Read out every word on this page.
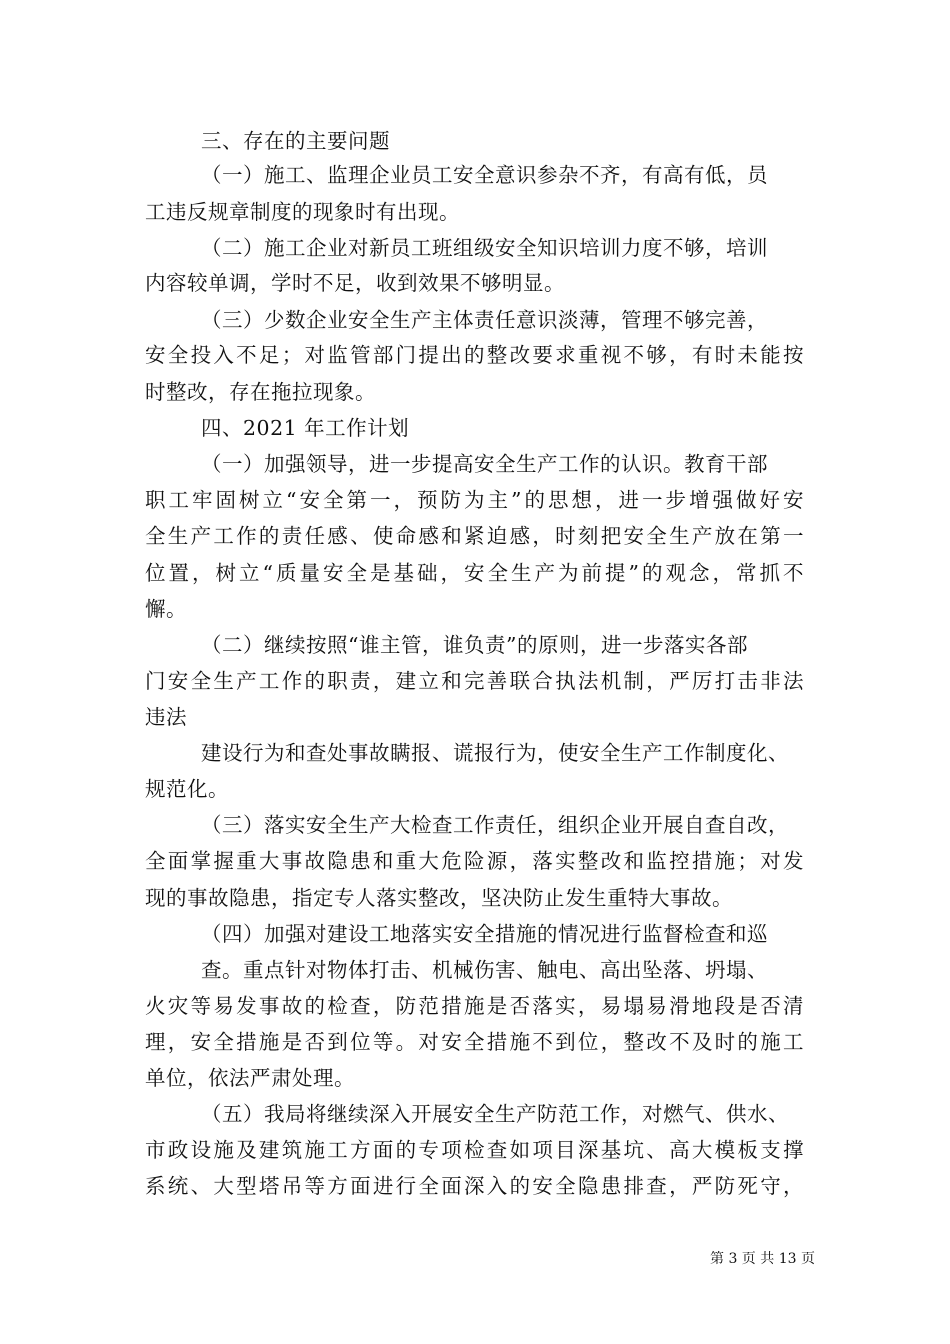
三、存在的主要问题
（一）施工、监理企业员工安全意识参杂不齐，有高有低，员
工违反规章制度的现象时有出现。
（二）施工企业对新员工班组级安全知识培训力度不够，培训
内容较单调，学时不足，收到效果不够明显。
（三）少数企业安全生产主体责任意识淡薄，管理不够完善，
安全投入不足；对监管部门提出的整改要求重视不够，有时未能按
时整改，存在拖拉现象。
四、2021 年工作计划
（一）加强领导，进一步提高安全生产工作的认识。教育干部
职工牢固树立“安全第一，预防为主”的思想，进一步增强做好安
全生产工作的责任感、使命感和紧迫感，时刻把安全生产放在第一
位置，树立“质量安全是基础，安全生产为前提”的观念，常抓不
懈。
（二）继续按照“谁主管，谁负责”的原则，进一步落实各部
门安全生产工作的职责，建立和完善联合执法机制，严厉打击非法
违法
建设行为和查处事故瞒报、谎报行为，使安全生产工作制度化、
规范化。
（三）落实安全生产大检查工作责任，组织企业开展自查自改，
全面掌握重大事故隐患和重大危险源，落实整改和监控措施；对发
现的事故隐患，指定专人落实整改，坚决防止发生重特大事故。
（四）加强对建设工地落实安全措施的情况进行监督检查和巡
查。重点针对物体打击、机械伤害、触电、高出坠落、坍塌、
火灾等易发事故的检查，防范措施是否落实，易塌易滑地段是否清
理，安全措施是否到位等。对安全措施不到位，整改不及时的施工
单位，依法严肃处理。
（五）我局将继续深入开展安全生产防范工作，对燃气、供水、
市政设施及建筑施工方面的专项检查如项目深基坑、高大模板支撑
系统、大型塔吊等方面进行全面深入的安全隐患排查，严防死守，
第 3 页 共 13 页
